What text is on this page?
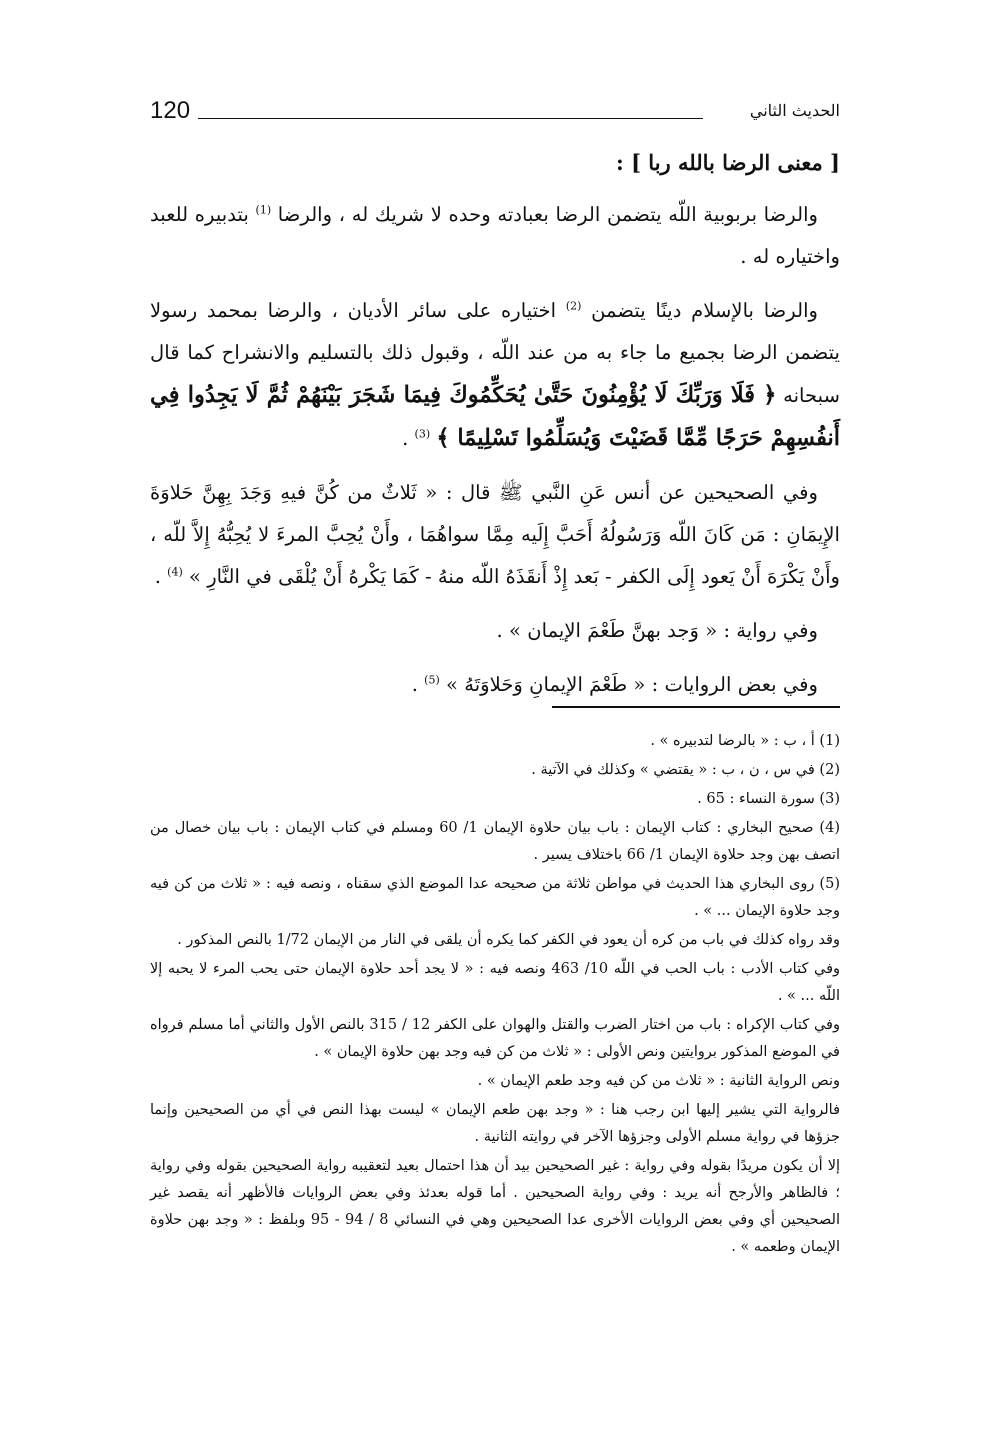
120	الحديث الثاني

[ معنى الرضا بالله ربا ] :

والرضا بربوبية اللّه يتضمن الرضا بعبادته وحده لا شريك له ، والرضا $^{(1)}$ بتدبيره للعبد واختياره له .

والرضا بالإسلام دينًا يتضمن $^{(2)}$ اختياره على سائر الأديان ، والرضا بمحمد رسولا يتضمن الرضا بجميع ما جاء به من عند اللّه ، وقبول ذلك بالتسليم والانشراح كما قال سبحانه ﴿ فَلَا وَرَبِّكَ لَا يُؤْمِنُونَ حَتَّىٰ يُحَكِّمُوكَ فِيمَا شَجَرَ بَيْنَهُمْ ثُمَّ لَا يَجِدُوا فِي أَنفُسِهِمْ حَرَجًا مِّمَّا قَضَيْتَ وَيُسَلِّمُوا تَسْلِيمًا ﴾ $^{(3)}$ .

وفي الصحيحين عن أنس عَنِ النَّبي ﷺ قال : « ثَلاثٌ من كُنَّ فيهِ وَجَدَ بِهِنَّ حَلاوَةَ الإِيمَانِ : مَن كَانَ اللّه وَرَسُولُهُ أَحَبَّ إِلَيه مِمَّا سواهُمَا ، وأَنْ يُحِبَّ المرءَ لا يُحِبُّهُ إِلاَّ للّه ، وأَنْ يَكْرَهَ أَنْ يَعود إِلَى الكفر - بَعد إِذْ أَنقَذَهُ اللّه منهُ - كَمَا يَكْرهُ أَنْ يُلْقَى في النَّارِ » $^{(4)}$ .

وفي رواية : « وَجد بهنَّ طَعْمَ الإيمان » .

وفي بعض الروايات : « طَعْمَ الإيمانِ وَحَلاوَتَهُ » $^{(5)}$ .

(1) أ ، ب : « بالرضا لتدبيره » .

(2) في س ، ن ، ب : « يقتضي » وكذلك في الآتية .

(3) سورة النساء : 65 .

(4) صحيح البخاري : كتاب الإيمان : باب بيان حلاوة الإيمان 1/ 60 ومسلم في كتاب الإيمان : باب بيان خصال من اتصف بهن وجد حلاوة الإيمان 1/ 66 باختلاف يسير .

(5) روى البخاري هذا الحديث في مواطن ثلاثة من صحيحه عدا الموضع الذي سقناه ، ونصه فيه : « ثلاث من كن فيه وجد حلاوة الإيمان ... » .

وقد رواه كذلك في باب من كره أن يعود في الكفر كما يكره أن يلقى في النار من الإيمان 1/72 بالنص المذكور .

وفي كتاب الأدب : باب الحب في اللّه 10/ 463 ونصه فيه : « لا يجد أحد حلاوة الإيمان حتى يحب المرء لا يحبه إلا اللّه ... » .

وفي كتاب الإكراه : باب من اختار الضرب والقتل والهوان على الكفر 12 / 315 بالنص الأول والثاني أما مسلم فرواه في الموضع المذكور بروايتين ونص الأولى : « ثلاث من كن فيه وجد بهن حلاوة الإيمان » .

ونص الرواية الثانية : « ثلاث من كن فيه وجد طعم الإيمان » .

فالرواية التي يشير إليها ابن رجب هنا : « وجد بهن طعم الإيمان » ليست بهذا النص في أي من الصحيحين وإنما جزؤها في رواية مسلم الأولى وجزؤها الآخر في روايته الثانية .

إلا أن يكون مريدًا بقوله وفي رواية : غير الصحيحين بيد أن هذا احتمال بعيد لتعقيبه رواية الصحيحين بقوله وفي رواية ؛ فالظاهر والأرجح أنه يريد : وفي رواية الصحيحين . أما قوله بعدئذ وفي بعض الروايات فالأظهر أنه يقصد غير الصحيحين أي وفي بعض الروايات الأخرى عدا الصحيحين وهي في النسائي 8 / 94 - 95 وبلفظ : « وجد بهن حلاوة الإيمان وطعمه » .
